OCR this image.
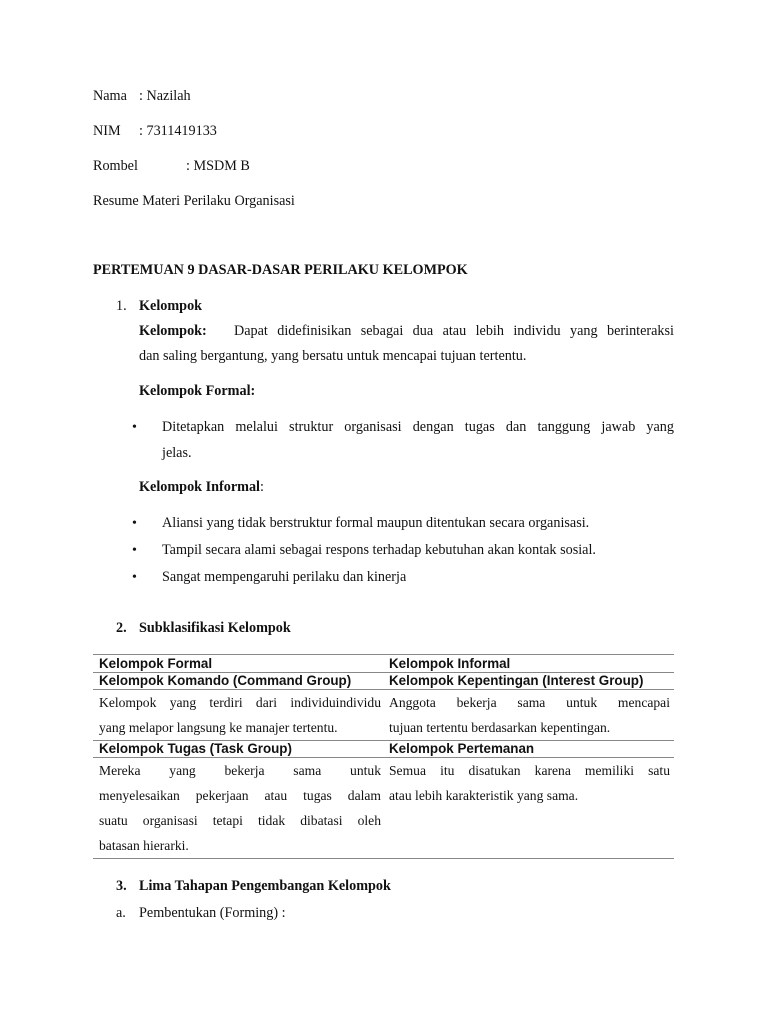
Nama : Nazilah
NIM : 7311419133
Rombel	: MSDM B
Resume Materi Perilaku Organisasi
PERTEMUAN 9 DASAR-DASAR PERILAKU KELOMPOK
1. Kelompok
Kelompok: Dapat didefinisikan sebagai dua atau lebih individu yang berinteraksi
dan saling bergantung, yang bersatu untuk mencapai tujuan tertentu.
Kelompok Formal:
•
Ditetapkan melalui struktur organisasi dengan tugas dan tanggung jawab yang
jelas.
Kelompok Informal:
•
Aliansi yang tidak berstruktur formal maupun ditentukan secara organisasi.
•
Tampil secara alami sebagai respons terhadap kebutuhan akan kontak sosial.
•
Sangat mempengaruhi perilaku dan kinerja
2. Subklasifikasi Kelompok
Kelompok Formal	Kelompok Informal
Kelompok Komando (Command Group)	Kelompok Kepentingan (Interest Group)

Kelompok yang terdiri dari individuindividu
yang melapor langsung ke manajer tertentu.	Anggota bekerja sama untuk mencapai
tujuan tertentu berdasarkan kepentingan.

Kelompok Tugas (Task Group)	Kelompok Pertemanan

Mereka yang bekerja sama untuk
menyelesaikan pekerjaan atau tugas dalam
suatu organisasi tetapi tidak dibatasi oleh
batasan hierarki.	Semua itu disatukan karena memiliki satu
atau lebih karakteristik yang sama.
3. Lima Tahapan Pengembangan Kelompok
a. Pembentukan (Forming) :
